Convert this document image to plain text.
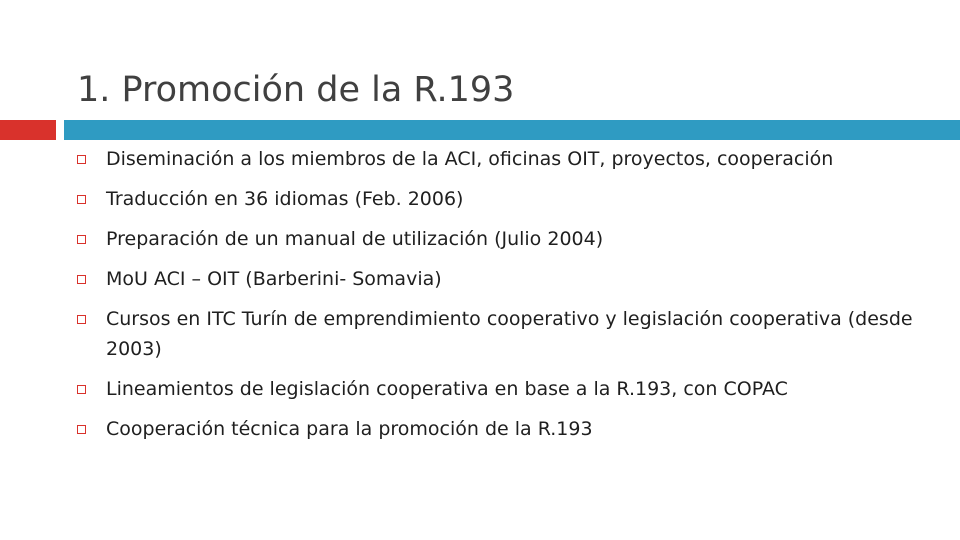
1. Promoción de la R.193
Diseminación a los miembros de la ACI, oficinas OIT, proyectos, cooperación
Traducción en 36 idiomas (Feb. 2006)
Preparación de un manual de utilización (Julio 2004)
MoU ACI – OIT (Barberini- Somavia)
Cursos en ITC Turín de emprendimiento cooperativo y legislación cooperativa (desde 2003)
Lineamientos de legislación cooperativa en base a la R.193, con COPAC
Cooperación técnica para la promoción de la R.193
